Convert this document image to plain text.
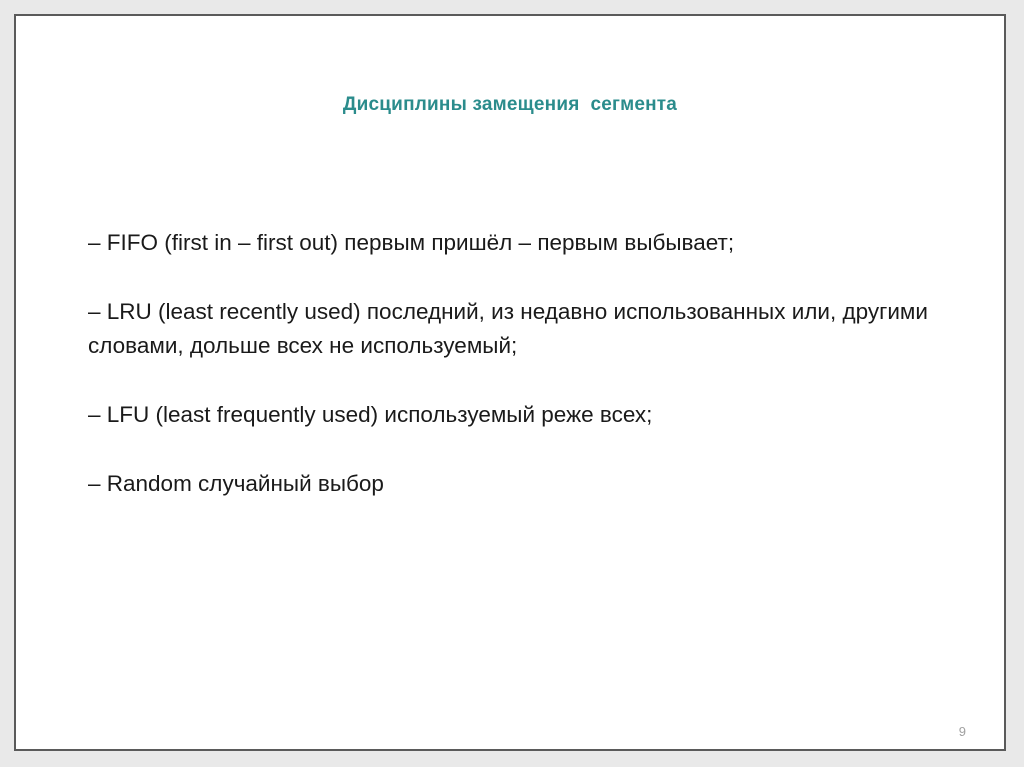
Дисциплины замещения  сегмента
– FIFO (first in – first out) первым пришёл – первым выбывает;
– LRU (least recently used) последний, из недавно использованных или, другими словами, дольше всех не используемый;
– LFU (least frequently used) используемый реже всех;
– Random случайный выбор
9
